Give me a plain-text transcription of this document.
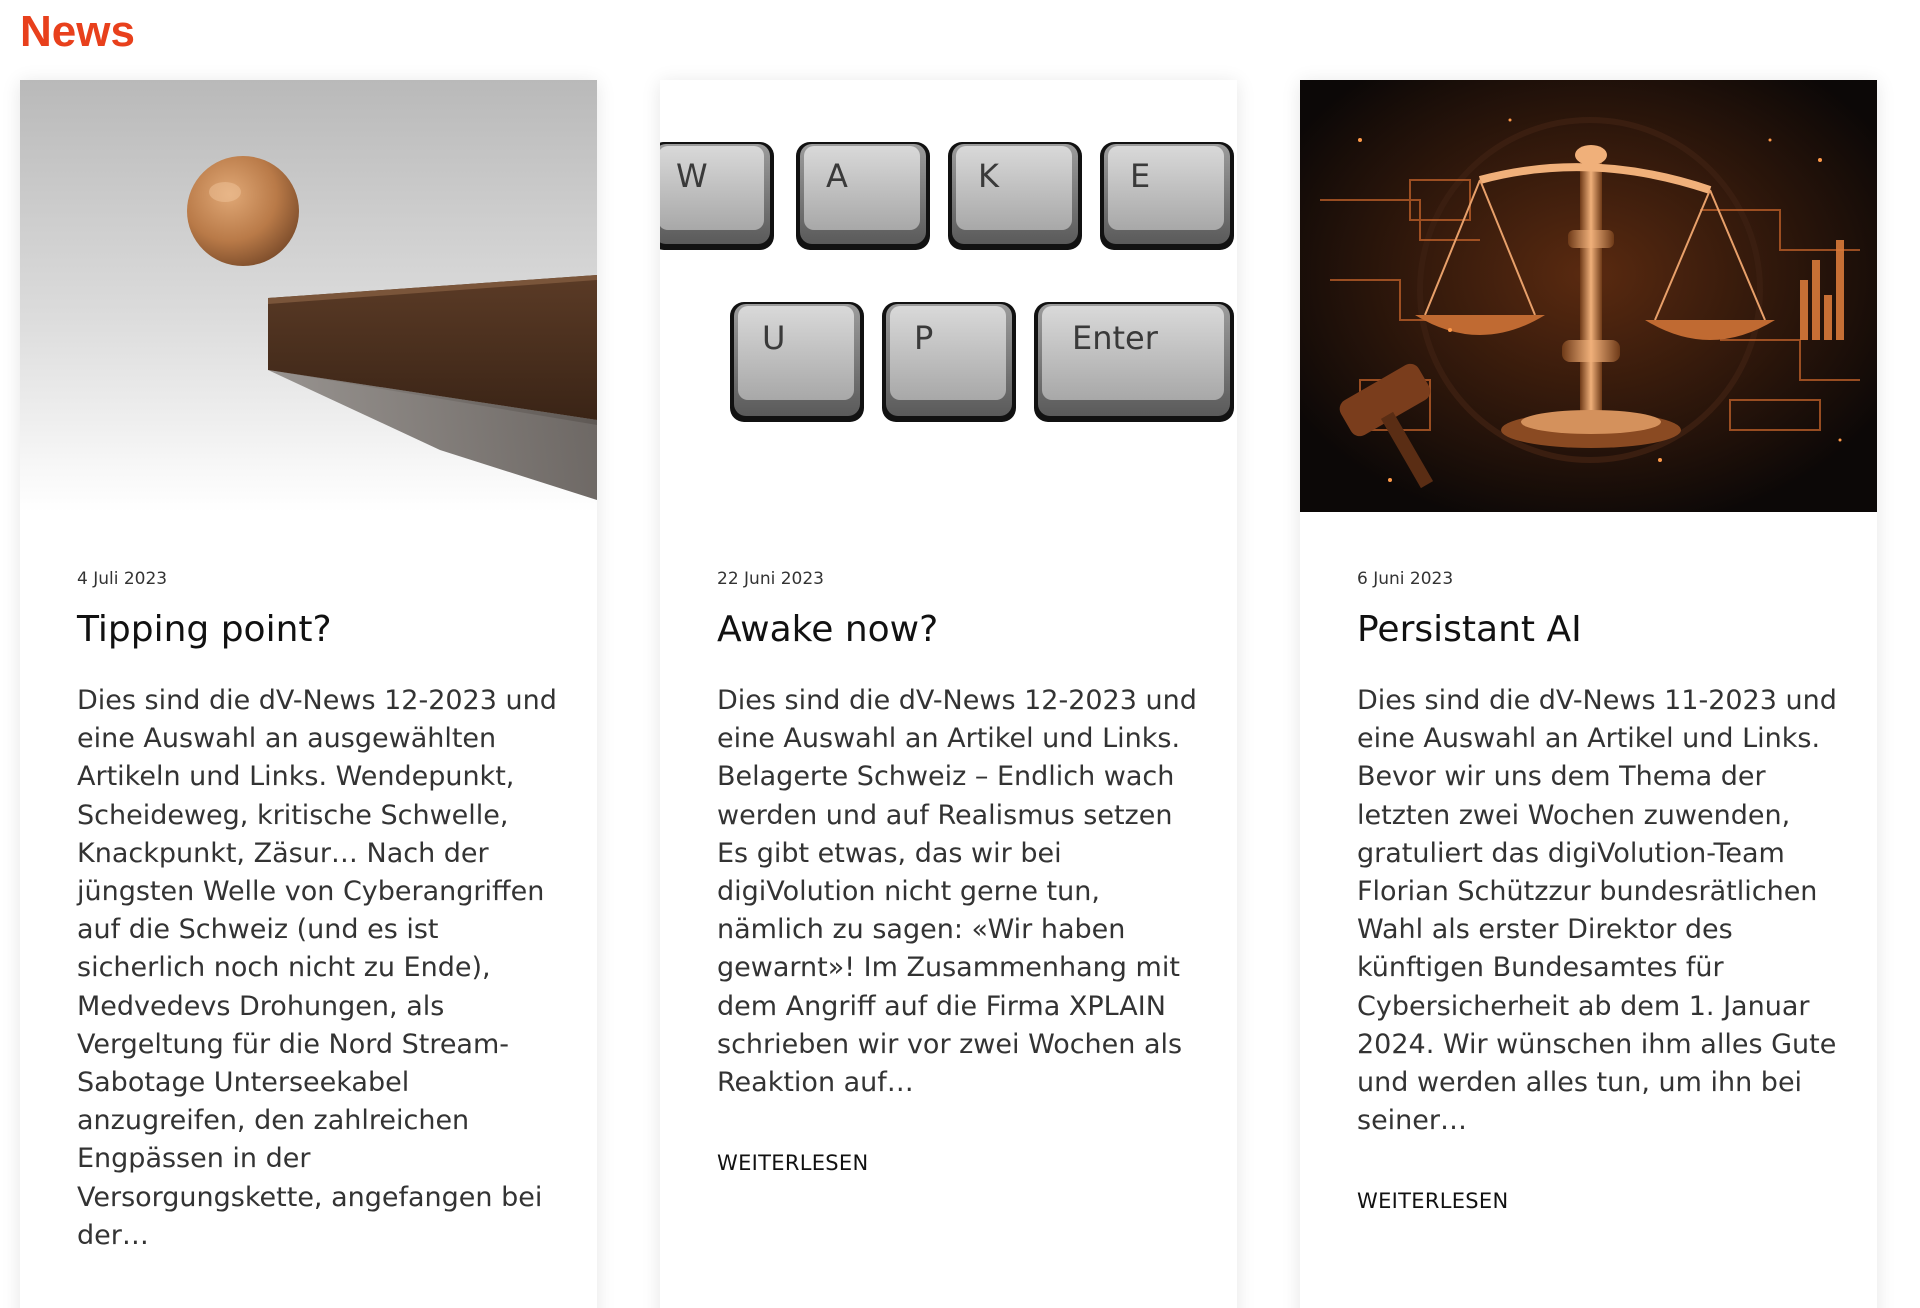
News

4 Juli 2023

Tipping point?

Dies sind die dV-News 12-2023 und eine Auswahl an ausgewählten Artikeln und Links. Wendepunkt, Scheideweg, kritische Schwelle, Knackpunkt, Zäsur… Nach der jüngsten Welle von Cyberangriffen auf die Schweiz (und es ist sicherlich noch nicht zu Ende), Medvedevs Drohungen, als Vergeltung für die Nord Stream-Sabotage Unterseekabel anzugreifen, den zahlreichen Engpässen in der Versorgungskette, angefangen bei der…

W	A	K	E
U	P	Enter

22 Juni 2023

Awake now?

Dies sind die dV-News 12-2023 und eine Auswahl an Artikel und Links. Belagerte Schweiz – Endlich wach werden und auf Realismus setzen Es gibt etwas, das wir bei digiVolution nicht gerne tun, nämlich zu sagen: «Wir haben gewarnt»! Im Zusammenhang mit dem Angriff auf die Firma XPLAIN schrieben wir vor zwei Wochen als Reaktion auf…

WEITERLESEN

6 Juni 2023

Persistant AI

Dies sind die dV-News 11-2023 und eine Auswahl an Artikel und Links. Bevor wir uns dem Thema der letzten zwei Wochen zuwenden, gratuliert das digiVolution-Team Florian Schützzur bundesrätlichen Wahl als erster Direktor des künftigen Bundesamtes für Cybersicherheit ab dem 1. Januar 2024. Wir wünschen ihm alles Gute und werden alles tun, um ihn bei seiner…

WEITERLESEN
